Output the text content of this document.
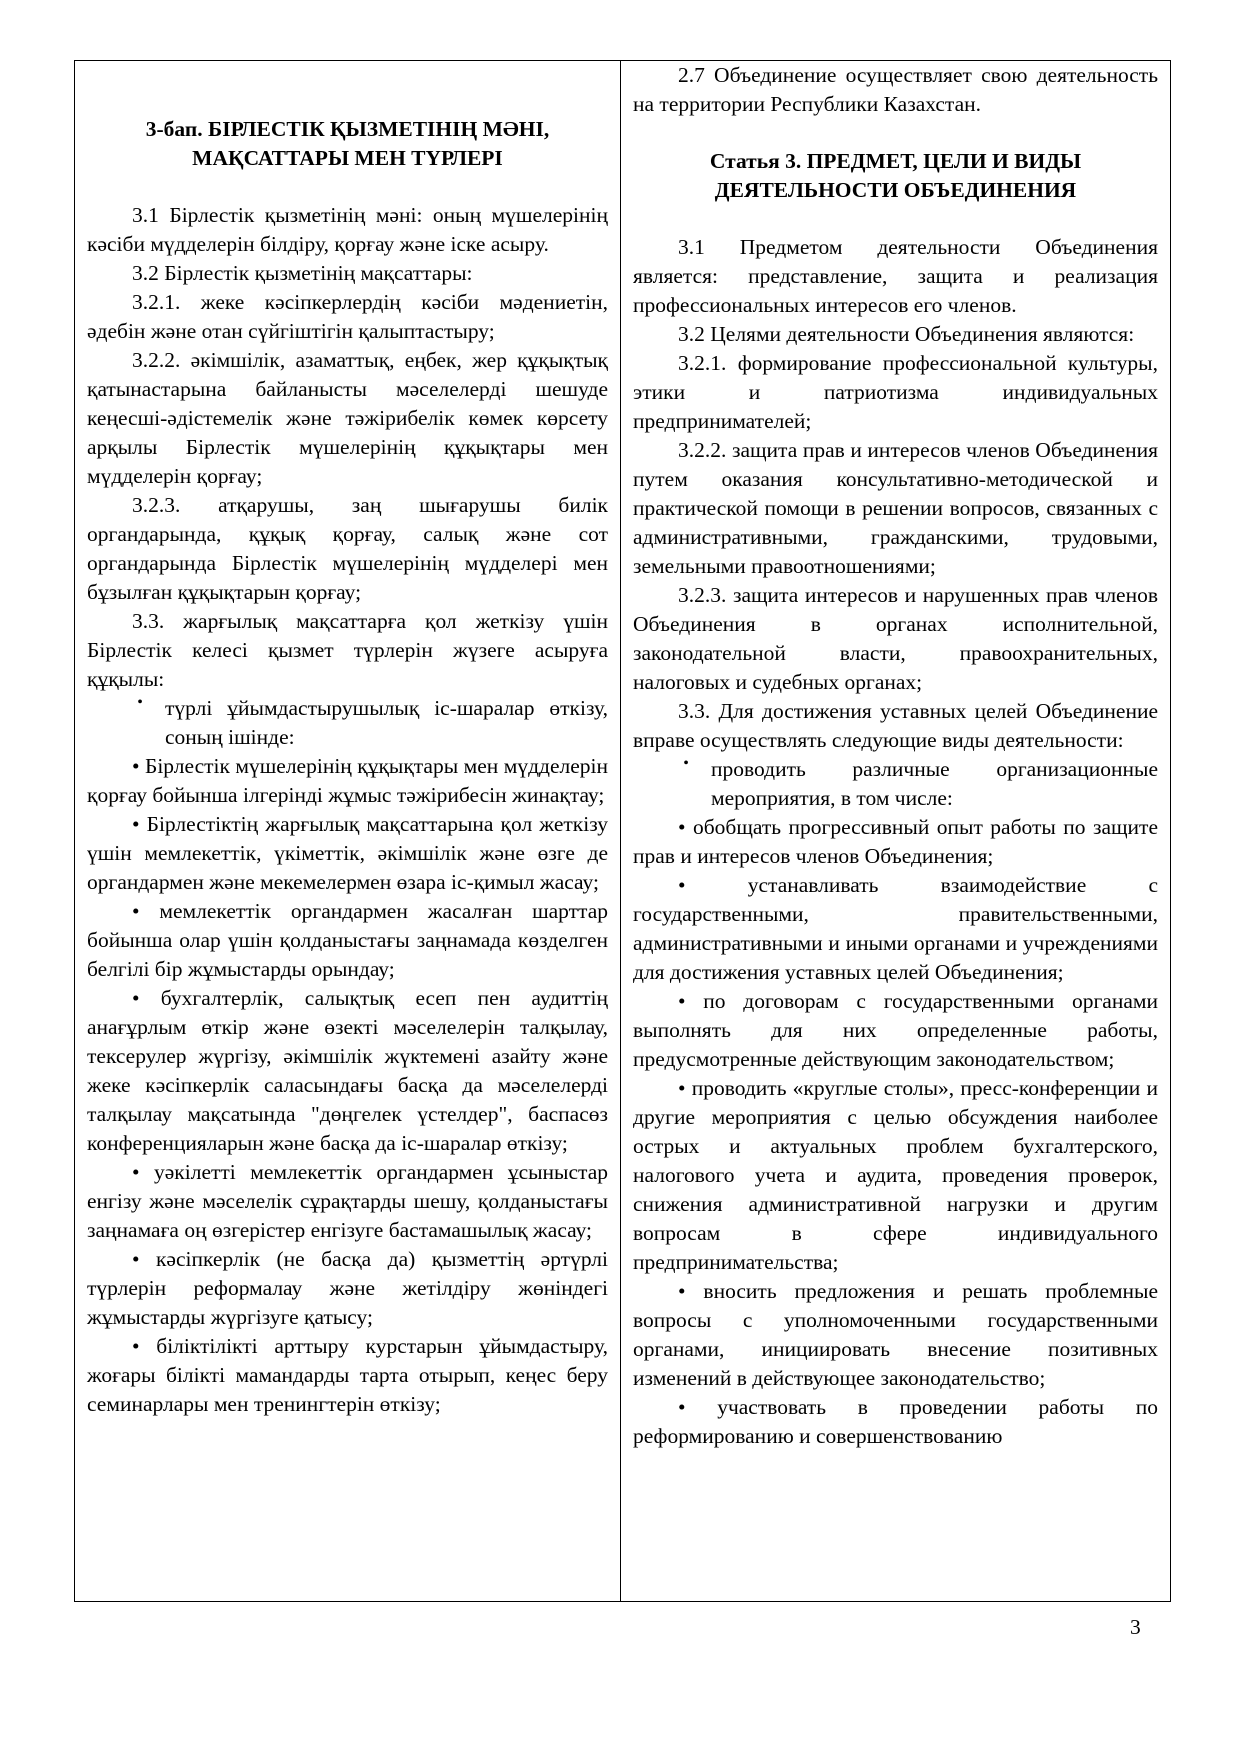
3-бап. БІРЛЕСТІК ҚЫЗМЕТІНІҢ МӘНІ,
МАҚСАТТАРЫ МЕН ТҮРЛЕРІ

3.1 Бірлестік қызметінің мәні: оның мүшелерінің кәсіби мүдделерін білдіру, қорғау және іске асыру.

3.2 Бірлестік қызметінің мақсаттары:

3.2.1. жеке кәсіпкерлердің кәсіби мәдениетін, әдебін және отан сүйгіштігін қалыптастыру;

3.2.2. әкімшілік, азаматтық, еңбек, жер құқықтық қатынастарына байланысты мәселелерді шешуде кеңесші-әдістемелік және тәжірибелік көмек көрсету арқылы Бірлестік мүшелерінің құқықтары мен мүдделерін қорғау;

3.2.3. атқарушы, заң шығарушы билік органдарында, құқық қорғау, салық және сот органдарында Бірлестік мүшелерінің мүдделері мен бұзылған құқықтарын қорғау;

3.3. жарғылық мақсаттарға қол жеткізу үшін Бірлестік келесі қызмет түрлерін жүзеге асыруға құқылы:

•	түрлі ұйымдастырушылық іс-шаралар өткізу, соның ішінде:

• Бірлестік мүшелерінің құқықтары мен мүдделерін қорғау бойынша ілгерінді жұмыс тәжірибесін жинақтау;

• Бірлестіктің жарғылық мақсаттарына қол жеткізу үшін мемлекеттік, үкіметтік, әкімшілік және өзге де органдармен және мекемелермен өзара іс-қимыл жасау;

• мемлекеттік органдармен жасалған шарттар бойынша олар үшін қолданыстағы заңнамада көзделген белгілі бір жұмыстарды орындау;

• бухгалтерлік, салықтық есеп пен аудиттің анағұрлым өткір және өзекті мәселелерін талқылау, тексерулер жүргізу, әкімшілік жүктемені азайту және жеке кәсіпкерлік саласындағы басқа да мәселелерді талқылау мақсатында "дөңгелек үстелдер", баспасөз конференцияларын және басқа да іс-шаралар өткізу;

• уәкілетті мемлекеттік органдармен ұсыныстар енгізу және мәселелік сұрақтарды шешу, қолданыстағы заңнамаға оң өзгерістер енгізуге бастамашылық жасау;

• кәсіпкерлік (не басқа да) қызметтің әртүрлі түрлерін реформалау және жетілдіру жөніндегі жұмыстарды жүргізуге қатысу;

• біліктілікті арттыру курстарын ұйымдастыру, жоғары білікті мамандарды тарта отырып, кеңес беру семинарлары мен тренингтерін өткізу;

2.7 Объединение осуществляет свою деятельность на территории Республики Казахстан.

Статья 3. ПРЕДМЕТ, ЦЕЛИ И ВИДЫ
ДЕЯТЕЛЬНОСТИ ОБЪЕДИНЕНИЯ

3.1 Предметом деятельности Объединения является: представление, защита и реализация профессиональных интересов его членов.

3.2 Целями деятельности Объединения являются:

3.2.1. формирование профессиональной культуры, этики и патриотизма индивидуальных предпринимателей;

3.2.2. защита прав и интересов членов Объединения путем оказания консультативно-методической и практической помощи в решении вопросов, связанных с административными, гражданскими, трудовыми, земельными правоотношениями;

3.2.3. защита интересов и нарушенных прав членов Объединения в органах исполнительной, законодательной власти, правоохранительных, налоговых и судебных органах;

3.3. Для достижения уставных целей Объединение вправе осуществлять следующие виды деятельности:

•	проводить различные организационные мероприятия, в том числе:

• обобщать прогрессивный опыт работы по защите прав и интересов членов Объединения;

• устанавливать взаимодействие с государственными, правительственными, административными и иными органами и учреждениями для достижения уставных целей Объединения;

• по договорам с государственными органами выполнять для них определенные работы, предусмотренные действующим законодательством;

• проводить «круглые столы», пресс-конференции и другие мероприятия с целью обсуждения наиболее острых и актуальных проблем бухгалтерского, налогового учета и аудита, проведения проверок, снижения административной нагрузки и другим вопросам в сфере индивидуального предпринимательства;

• вносить предложения и решать проблемные вопросы с уполномоченными государственными органами, инициировать внесение позитивных изменений в действующее законодательство;

• участвовать в проведении работы по реформированию и совершенствованию

3
